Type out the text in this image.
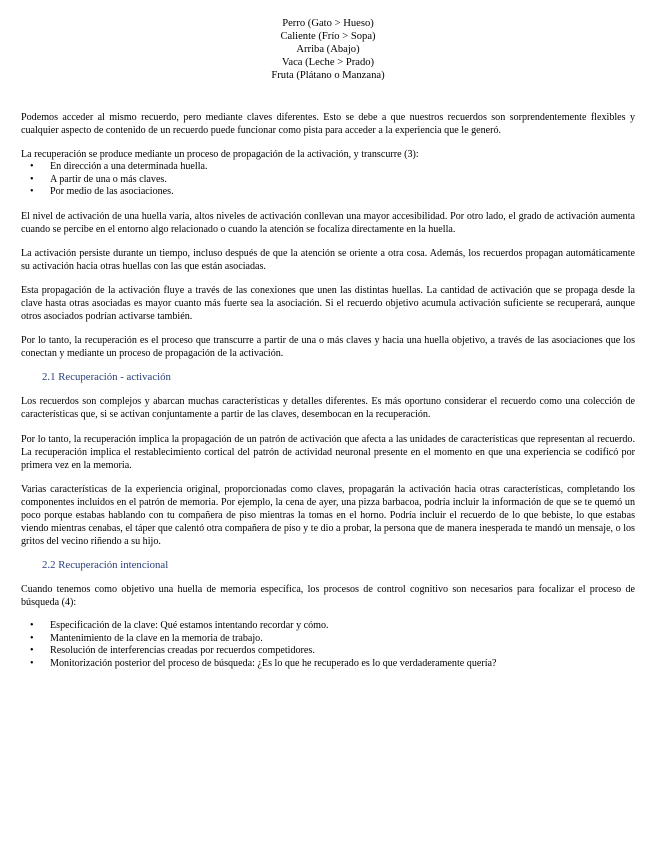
Perro (Gato > Hueso)
Caliente (Frío > Sopa)
Arriba (Abajo)
Vaca (Leche > Prado)
Fruta (Plátano o Manzana)

Podemos acceder al mismo recuerdo, pero mediante claves diferentes. Esto se debe a que nuestros recuerdos son sorprendentemente flexibles y cualquier aspecto de contenido de un recuerdo puede funcionar como pista para acceder a la experiencia que le generó.

La recuperación se produce mediante un proceso de propagación de la activación, y transcurre (3):

• En dirección a una determinada huella.
• A partir de una o más claves.
• Por medio de las asociaciones.

El nivel de activación de una huella varía, altos niveles de activación conllevan una mayor accesibilidad. Por otro lado, el grado de activación aumenta cuando se percibe en el entorno algo relacionado o cuando la atención se focaliza directamente en la huella.

La activación persiste durante un tiempo, incluso después de que la atención se oriente a otra cosa. Además, los recuerdos propagan automáticamente su activación hacia otras huellas con las que están asociadas.

Esta propagación de la activación fluye a través de las conexiones que unen las distintas huellas. La cantidad de activación que se propaga desde la clave hasta otras asociadas es mayor cuanto más fuerte sea la asociación. Si el recuerdo objetivo acumula activación suficiente se recuperará, aunque otros asociados podrían activarse también.

Por lo tanto, la recuperación es el proceso que transcurre a partir de una o más claves y hacia una huella objetivo, a través de las asociaciones que los conectan y mediante un proceso de propagación de la activación.

2.1 Recuperación - activación

Los recuerdos son complejos y abarcan muchas características y detalles diferentes. Es más oportuno considerar el recuerdo como una colección de características que, si se activan conjuntamente a partir de las claves, desembocan en la recuperación.

Por lo tanto, la recuperación implica la propagación de un patrón de activación que afecta a las unidades de características que representan al recuerdo. La recuperación implica el restablecimiento cortical del patrón de actividad neuronal presente en el momento en que una experiencia se codificó por primera vez en la memoria.

Varias características de la experiencia original, proporcionadas como claves, propagarán la activación hacia otras características, completando los componentes incluidos en el patrón de memoria. Por ejemplo, la cena de ayer, una pizza barbacoa, podría incluir la información de que se te quemó un poco porque estabas hablando con tu compañera de piso mientras la tomas en el horno. Podría incluir el recuerdo de lo que bebiste, lo que estabas viendo mientras cenabas, el táper que calentó otra compañera de piso y te dio a probar, la persona que de manera inesperada te mandó un mensaje, o los gritos del vecino riñendo a su hijo.

2.2 Recuperación intencional

Cuando tenemos como objetivo una huella de memoria específica, los procesos de control cognitivo son necesarios para focalizar el proceso de búsqueda (4):

• Especificación de la clave: Qué estamos intentando recordar y cómo.
• Mantenimiento de la clave en la memoria de trabajo.
• Resolución de interferencias creadas por recuerdos competidores.
• Monitorización posterior del proceso de búsqueda: ¿Es lo que he recuperado es lo que verdaderamente quería?
